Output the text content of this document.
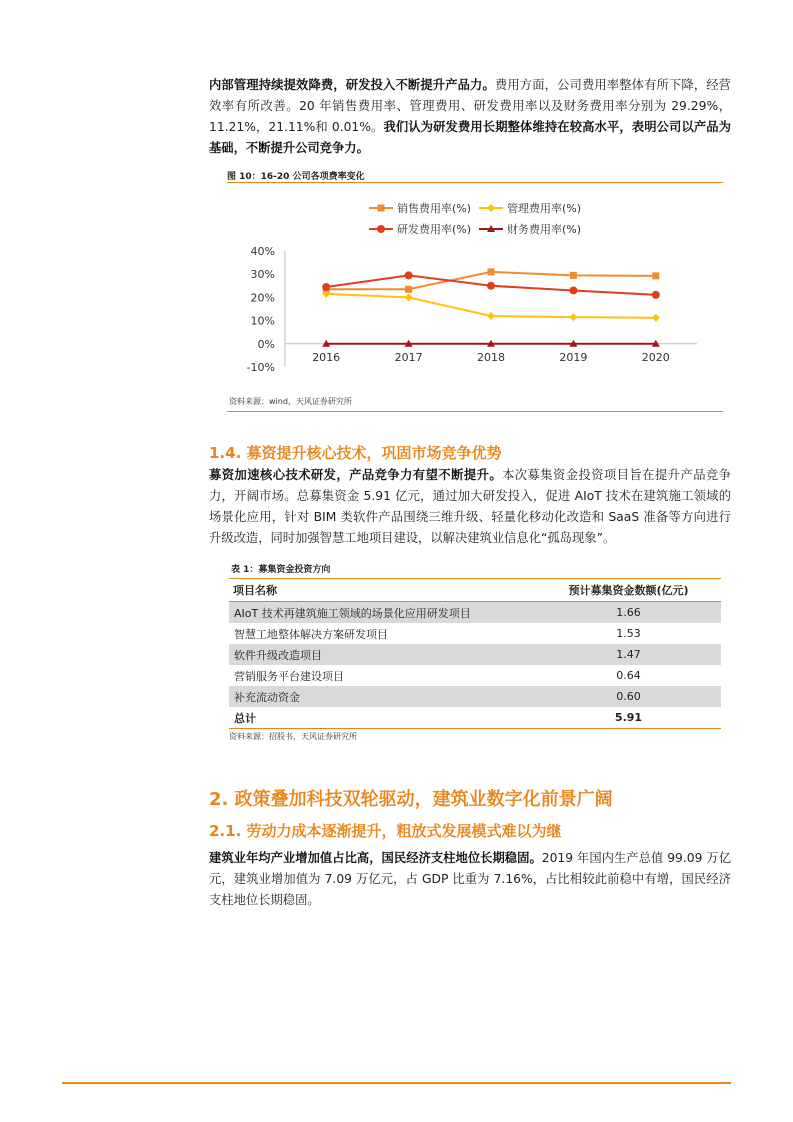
内部管理持续提效降费，研发投入不断提升产品力。费用方面，公司费用率整体有所下降，经营效率有所改善。20 年销售费用率、管理费用、研发费用率以及财务费用率分别为 29.29%，11.21%，21.11%和 0.01%。我们认为研发费用长期整体维持在较高水平，表明公司以产品为基础，不断提升公司竞争力。

图 10：16-20 公司各项费率变化
销售费用率(%)	管理费用率(%)
研发费用率(%)	财务费用率(%)
40%
30%
20%
10%
0%
-10%
2016	2017	2018	2019	2020
资料来源：wind，天风证券研究所
1.4. 募资提升核心技术，巩固市场竞争优势

募资加速核心技术研发，产品竞争力有望不断提升。本次募集资金投资项目旨在提升产品竞争力，开阔市场。总募集资金 5.91 亿元，通过加大研发投入，促进 AIoT 技术在建筑施工领域的场景化应用，针对 BIM 类软件产品围绕三维升级、轻量化移动化改造和 SaaS 准备等方向进行升级改造，同时加强智慧工地项目建设，以解决建筑业信息化“孤岛现象”。

表 1：募集资金投资方向
项目名称	预计募集资金数额(亿元)
AIoT 技术再建筑施工领域的场景化应用研发项目	1.66
智慧工地整体解决方案研发项目	1.53
软件升级改造项目	1.47
营销服务平台建设项目	0.64
补充流动资金	0.60
总计	5.91
资料来源：招股书，天风证券研究所
2. 政策叠加科技双轮驱动，建筑业数字化前景广阔
2.1. 劳动力成本逐渐提升，粗放式发展模式难以为继

建筑业年均产业增加值占比高，国民经济支柱地位长期稳固。2019 年国内生产总值 99.09 万亿元，建筑业增加值为 7.09 万亿元，占 GDP 比重为 7.16%，占比相较此前稳中有增，国民经济支柱地位长期稳固。
